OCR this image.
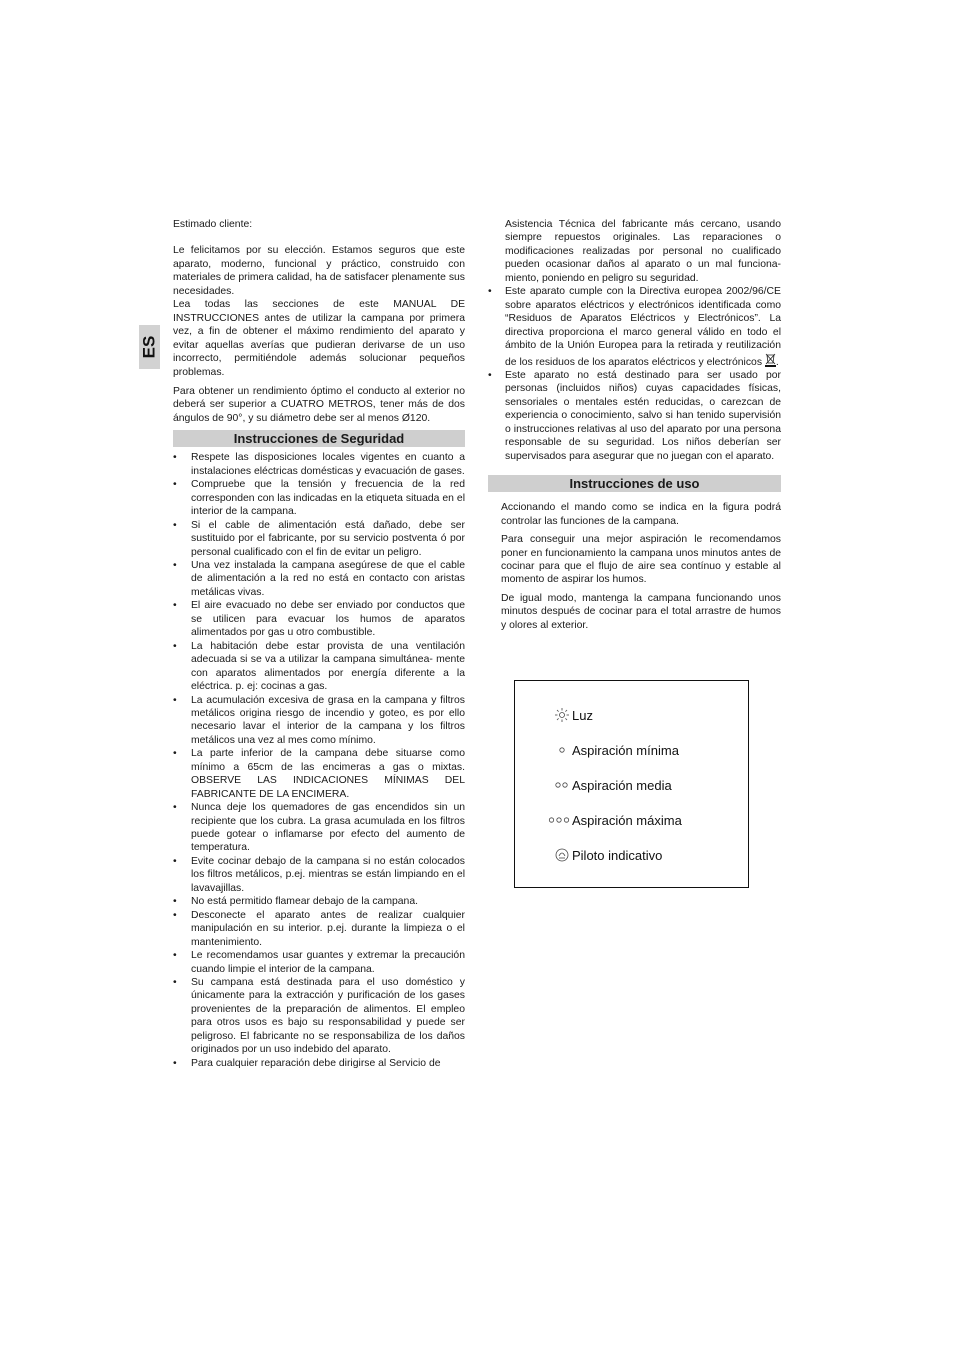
ES

Estimado cliente:

Le felicitamos por su elección. Estamos seguros que este aparato, moderno, funcional y práctico, construido con materiales de primera calidad, ha de satisfacer plenamente sus necesidades.

Lea todas las secciones de este MANUAL DE INSTRUCCIONES antes de utilizar la campana por primera vez, a fin de obtener el máximo rendimiento del aparato y evitar aquellas averías que pudieran derivarse de un uso incorrecto, permitiéndole además solucionar pequeños problemas.

Para obtener un rendimiento óptimo el conducto al exterior no deberá ser superior a CUATRO METROS, tener más de dos ángulos de 90°, y su diámetro debe ser al menos Ø120.

Instrucciones de Seguridad
• Respete las disposiciones locales vigentes en cuanto a instalaciones eléctricas domésticas y evacuación de gases.
• Compruebe que la tensión y frecuencia de la red corresponden con las indicadas en la etiqueta situada en el interior de la campana.
• Si el cable de alimentación está dañado, debe ser sustituido por el fabricante, por su servicio postventa ó por personal cualificado con el fin de evitar un peligro.
• Una vez instalada la campana asegúrese de que el cable de alimentación a la red no está en contacto con aristas metálicas vivas.
• El aire evacuado no debe ser enviado por conductos que se utilicen para evacuar los humos de aparatos alimentados por gas u otro combustible.
• La habitación debe estar provista de una ventilación adecuada si se va a utilizar la campana simultánea- mente con aparatos alimentados por energía diferente a la eléctrica. p. ej: cocinas a gas.
• La acumulación excesiva de grasa en la campana y filtros metálicos origina riesgo de incendio y goteo, es por ello necesario lavar el interior de la campana y los filtros metálicos una vez al mes como mínimo.
• La parte inferior de la campana debe situarse como mínimo a 65cm de las encimeras a gas o mixtas. OBSERVE LAS INDICACIONES MÍNIMAS DEL FABRICANTE DE LA ENCIMERA.
• Nunca deje los quemadores de gas encendidos sin un recipiente que los cubra. La grasa acumulada en los filtros puede gotear o inflamarse por efecto del aumento de temperatura.
• Evite cocinar debajo de la campana si no están colocados los filtros metálicos, p.ej. mientras se están limpiando en el lavavajillas.
• No está permitido flamear debajo de la campana.
• Desconecte el aparato antes de realizar cualquier manipulación en su interior. p.ej. durante la limpieza o el mantenimiento.
• Le recomendamos usar guantes y extremar la precaución cuando limpie el interior de la campana.
• Su campana está destinada para el uso doméstico y únicamente para la extracción y purificación de los gases provenientes de la preparación de alimentos. El empleo para otros usos es bajo su responsabilidad y puede ser peligroso. El fabricante no se responsabiliza de los daños originados por un uso indebido del aparato.
• Para cualquier reparación debe dirigirse al Servicio de

Asistencia Técnica del fabricante más cercano, usando siempre repuestos originales. Las reparaciones o modificaciones realizadas por personal no cualificado pueden ocasionar daños al aparato o un mal funciona- miento, poniendo en peligro su seguridad.

• Este aparato cumple con la Directiva europea 2002/96/CE sobre aparatos eléctricos y electrónicos identificada como “Residuos de Aparatos Eléctricos y Electrónicos”. La directiva proporciona el marco general válido en todo el ámbito de la Unión Europea para la retirada y reutilización de los residuos de los aparatos eléctricos y electrónicos .
• Este aparato no está destinado para ser usado por personas (incluidos niños) cuyas capacidades físicas, sensoriales o mentales estén reducidas, o carezcan de experiencia o conocimiento, salvo si han tenido supervisión o instrucciones relativas al uso del aparato por una persona responsable de su seguridad. Los niños deberían ser supervisados para asegurar que no juegan con el aparato.
Instrucciones de uso

Accionando el mando como se indica en la figura podrá controlar las funciones de la campana.

Para conseguir una mejor aspiración le recomendamos poner en funcionamiento la campana unos minutos antes de cocinar para que el flujo de aire sea contínuo y estable al momento de aspirar los humos.

De igual modo, mantenga la campana funcionando unos minutos después de cocinar para el total arrastre de humos y olores al exterior.

Luz
Aspiración mínima
Aspiración media
Aspiración máxima
Piloto indicativo
